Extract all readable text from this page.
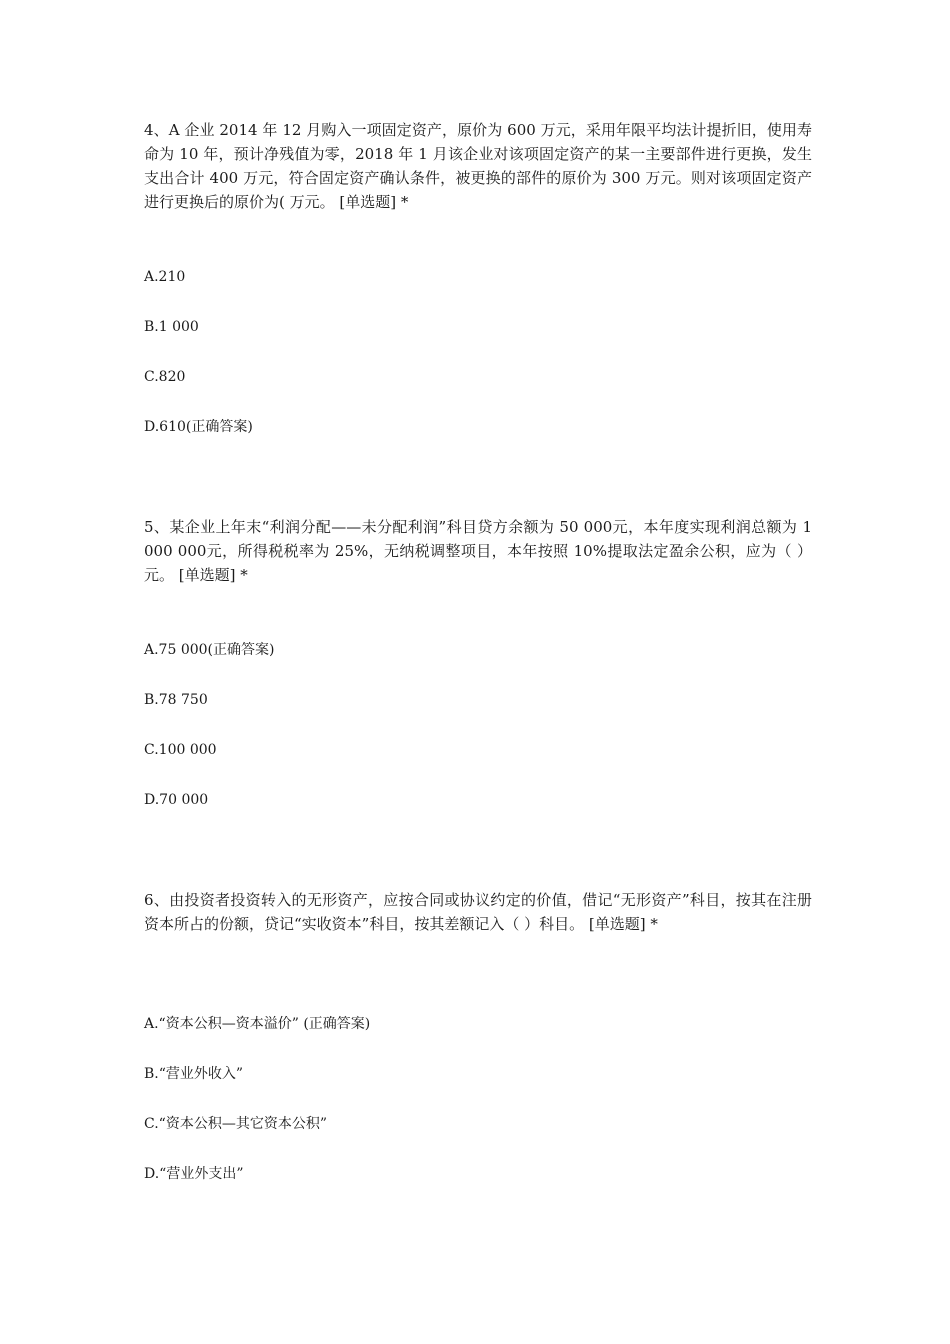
4、A 企业 2014 年 12 月购入一项固定资产，原价为 600 万元，采用年限平均法计提折旧，使用寿命为 10 年，预计净残值为零，2018 年 1 月该企业对该项固定资产的某一主要部件进行更换，发生支出合计 400 万元，符合固定资产确认条件，被更换的部件的原价为 300 万元。则对该项固定资产进行更换后的原价为( 万元。 [单选题] *

A.210

B.1 000

C.820

D.610(正确答案)

5、某企业上年末“利润分配——未分配利润”科目贷方余额为 50 000元，本年度实现利润总额为 1 000 000元，所得税税率为 25%，无纳税调整项目，本年按照 10%提取法定盈余公积，应为（ ）元。 [单选题] *

A.75 000(正确答案)

B.78 750

C.100 000

D.70 000

6、由投资者投资转入的无形资产，应按合同或协议约定的价值，借记“无形资产”科目，按其在注册资本所占的份额，贷记“实收资本”科目，按其差额记入（ ）科目。 [单选题] *

A.“资本公积—资本溢价” (正确答案)

B.“营业外收入”

C.“资本公积—其它资本公积”

D.“营业外支出”
